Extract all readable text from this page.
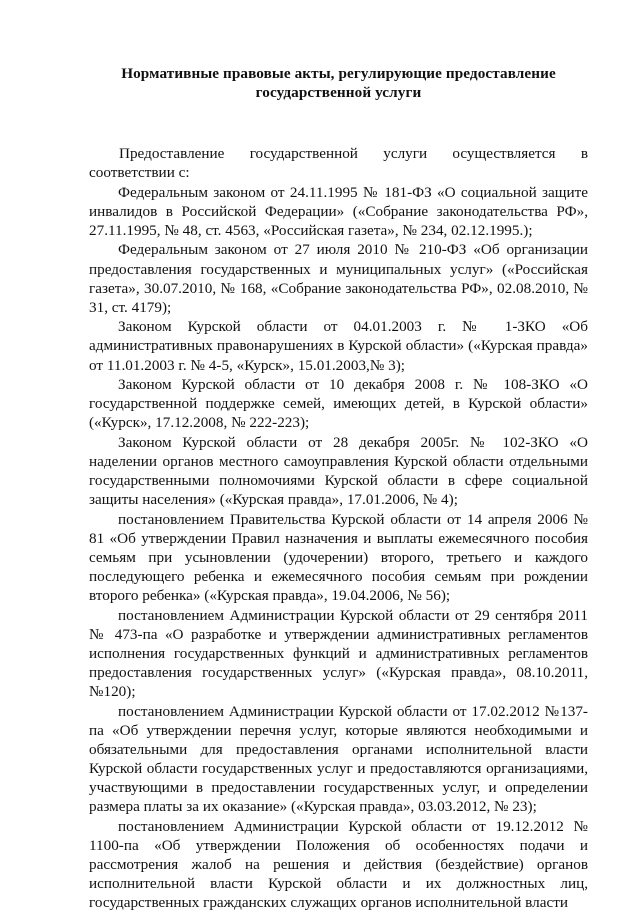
Нормативные правовые акты, регулирующие предоставление
государственной услуги

Предоставление государственной услуги осуществляется в соответствии с:

Федеральным законом от 24.11.1995 № 181-ФЗ «О социальной защите инвалидов в Российской Федерации» («Собрание законодательства РФ», 27.11.1995, № 48, ст. 4563, «Российская газета», № 234, 02.12.1995.);

Федеральным законом от 27 июля 2010 № 210-ФЗ «Об организации предоставления государственных и муниципальных услуг» («Российская газета», 30.07.2010, № 168, «Собрание законодательства РФ», 02.08.2010, № 31, ст. 4179);

Законом Курской области от 04.01.2003 г. № 1-ЗКО «Об административных правонарушениях в Курской области» («Курская правда» от 11.01.2003 г. № 4-5, «Курск», 15.01.2003,№ 3);

Законом Курской области от 10 декабря 2008 г. № 108-ЗКО «О государственной поддержке семей, имеющих детей, в Курской области» («Курск», 17.12.2008, № 222-223);

Законом Курской области от 28 декабря 2005г. № 102-ЗКО «О наделении органов местного самоуправления Курской области отдельными государственными полномочиями Курской области в сфере социальной защиты населения» («Курская правда», 17.01.2006, № 4);

постановлением Правительства Курской области от 14 апреля 2006 № 81 «Об утверждении Правил назначения и выплаты ежемесячного пособия семьям при усыновлении (удочерении) второго, третьего и каждого последующего ребенка и ежемесячного пособия семьям при рождении второго ребенка» («Курская правда», 19.04.2006, № 56);

постановлением Администрации Курской области от 29 сентября 2011 № 473-па «О разработке и утверждении административных регламентов исполнения государственных функций и административных регламентов предоставления государственных услуг» («Курская правда», 08.10.2011, №120);

постановлением Администрации Курской области от 17.02.2012 №137-па «Об утверждении перечня услуг, которые являются необходимыми и обязательными для предоставления органами исполнительной власти Курской области государственных услуг и предоставляются организациями, участвующими в предоставлении государственных услуг, и определении размера платы за их оказание» («Курская правда», 03.03.2012, № 23);

постановлением Администрации Курской области от 19.12.2012 № 1100-па «Об утверждении Положения об особенностях подачи и рассмотрения жалоб на решения и действия (бездействие) органов исполнительной власти Курской области и их должностных лиц, государственных гражданских служащих органов исполнительной власти
